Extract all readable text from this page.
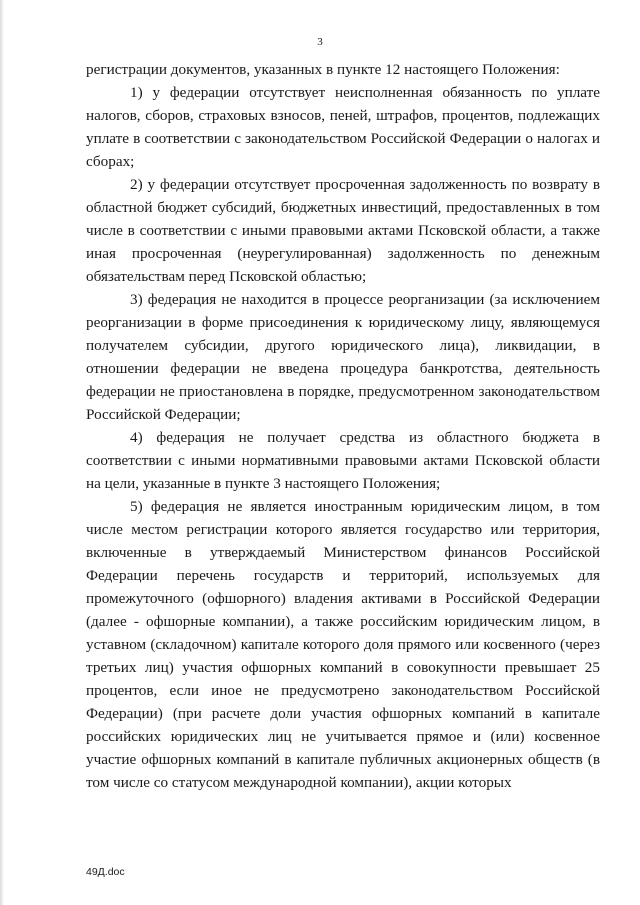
3

регистрации документов, указанных в пункте 12 настоящего Положения:

1) у федерации отсутствует неисполненная обязанность по уплате налогов, сборов, страховых взносов, пеней, штрафов, процентов, подлежащих уплате в соответствии с законодательством Российской Федерации о налогах и сборах;

2) у федерации отсутствует просроченная задолженность по возврату в областной бюджет субсидий, бюджетных инвестиций, предоставленных в том числе в соответствии с иными правовыми актами Псковской области, а также иная просроченная (неурегулированная) задолженность по денежным обязательствам перед Псковской областью;

3) федерация не находится в процессе реорганизации (за исключением реорганизации в форме присоединения к юридическому лицу, являющемуся получателем субсидии, другого юридического лица), ликвидации, в отношении федерации не введена процедура банкротства, деятельность федерации не приостановлена в порядке, предусмотренном законодательством Российской Федерации;

4) федерация не получает средства из областного бюджета в соответствии с иными нормативными правовыми актами Псковской области на цели, указанные в пункте 3 настоящего Положения;

5) федерация не является иностранным юридическим лицом, в том числе местом регистрации которого является государство или территория, включенные в утверждаемый Министерством финансов Российской Федерации перечень государств и территорий, используемых для промежуточного (офшорного) владения активами в Российской Федерации (далее - офшорные компании), а также российским юридическим лицом, в уставном (складочном) капитале которого доля прямого или косвенного (через третьих лиц) участия офшорных компаний в совокупности превышает 25 процентов, если иное не предусмотрено законодательством Российской Федерации) (при расчете доли участия офшорных компаний в капитале российских юридических лиц не учитывается прямое и (или) косвенное участие офшорных компаний в капитале публичных акционерных обществ (в том числе со статусом международной компании), акции которых

49Д.doc
